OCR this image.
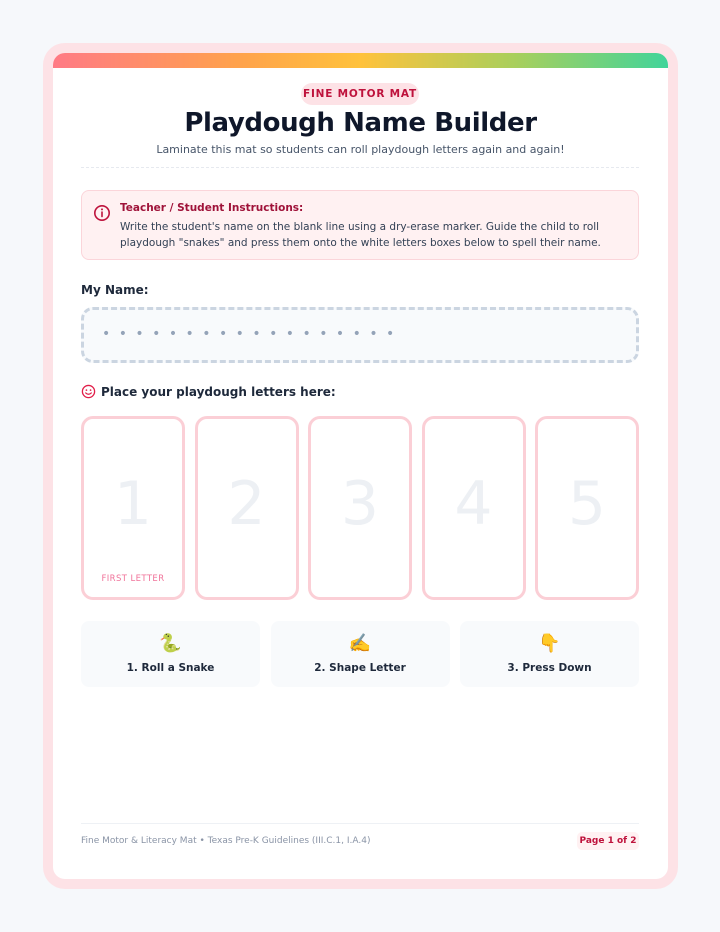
FINE MOTOR MAT
Playdough Name Builder
Laminate this mat so students can roll playdough letters again and again!
Teacher / Student Instructions:
Write the student's name on the blank line using a dry-erase marker. Guide the child to roll playdough "snakes" and press them onto the white letters boxes below to spell their name.
My Name:
• • • • • • • • • • • • • • • • • •
Place your playdough letters here:
1
FIRST LETTER
2	3	4	5
🐍
1. Roll a Snake
✍️
2. Shape Letter
👇
3. Press Down
Fine Motor & Literacy Mat • Texas Pre-K Guidelines (III.C.1, I.A.4)	Page 1 of 2
